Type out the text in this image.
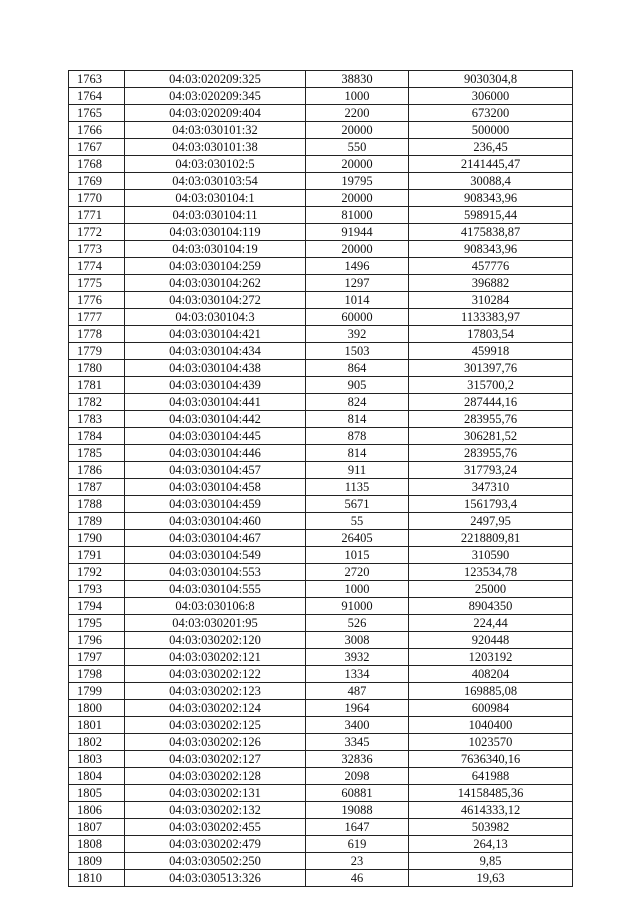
1763	04:03:020209:325	38830	9030304,8
1764	04:03:020209:345	1000	306000
1765	04:03:020209:404	2200	673200
1766	04:03:030101:32	20000	500000
1767	04:03:030101:38	550	236,45
1768	04:03:030102:5	20000	2141445,47
1769	04:03:030103:54	19795	30088,4
1770	04:03:030104:1	20000	908343,96
1771	04:03:030104:11	81000	598915,44
1772	04:03:030104:119	91944	4175838,87
1773	04:03:030104:19	20000	908343,96
1774	04:03:030104:259	1496	457776
1775	04:03:030104:262	1297	396882
1776	04:03:030104:272	1014	310284
1777	04:03:030104:3	60000	1133383,97
1778	04:03:030104:421	392	17803,54
1779	04:03:030104:434	1503	459918
1780	04:03:030104:438	864	301397,76
1781	04:03:030104:439	905	315700,2
1782	04:03:030104:441	824	287444,16
1783	04:03:030104:442	814	283955,76
1784	04:03:030104:445	878	306281,52
1785	04:03:030104:446	814	283955,76
1786	04:03:030104:457	911	317793,24
1787	04:03:030104:458	1135	347310
1788	04:03:030104:459	5671	1561793,4
1789	04:03:030104:460	55	2497,95
1790	04:03:030104:467	26405	2218809,81
1791	04:03:030104:549	1015	310590
1792	04:03:030104:553	2720	123534,78
1793	04:03:030104:555	1000	25000
1794	04:03:030106:8	91000	8904350
1795	04:03:030201:95	526	224,44
1796	04:03:030202:120	3008	920448
1797	04:03:030202:121	3932	1203192
1798	04:03:030202:122	1334	408204
1799	04:03:030202:123	487	169885,08
1800	04:03:030202:124	1964	600984
1801	04:03:030202:125	3400	1040400
1802	04:03:030202:126	3345	1023570
1803	04:03:030202:127	32836	7636340,16
1804	04:03:030202:128	2098	641988
1805	04:03:030202:131	60881	14158485,36
1806	04:03:030202:132	19088	4614333,12
1807	04:03:030202:455	1647	503982
1808	04:03:030202:479	619	264,13
1809	04:03:030502:250	23	9,85
1810	04:03:030513:326	46	19,63
